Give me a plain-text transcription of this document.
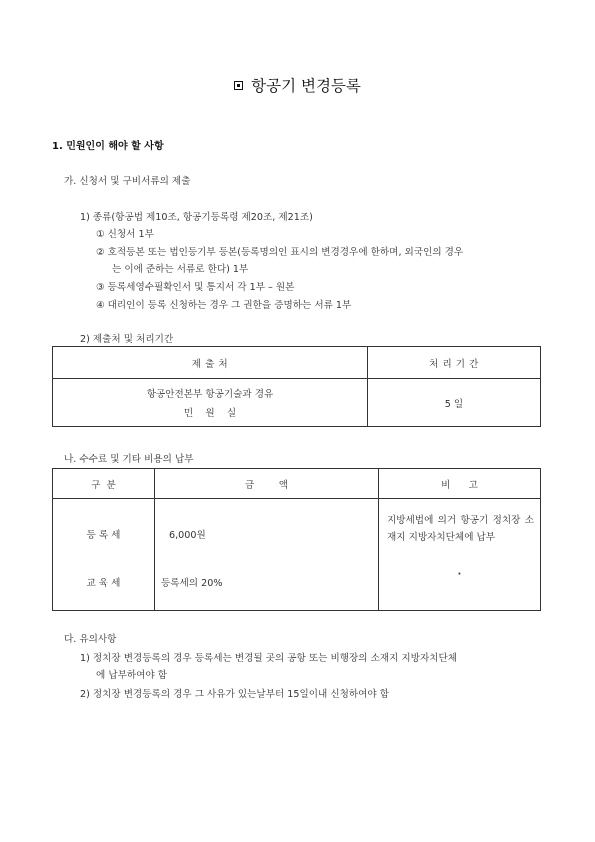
항공기 변경등록
1. 민원인이 해야 할 사항
가. 신청서 및 구비서류의 제출
1) 종류(항공법 제10조, 항공기등록령 제20조, 제21조)
① 신청서 1부
② 호적등본 또는 법인등기부 등본(등록명의인 표시의 변경경우에 한하며, 외국인의 경우
는 이에 준하는 서류로 한다) 1부
③ 등록세영수필확인서 및 통지서 각 1부 – 원본
④ 대리인이 등록 신청하는 경우 그 권한을 증명하는 서류 1부
2) 제출처 및 처리기간
제 출 처	처 리 기 간

항공안전본부 항공기술과 경유
민    원    실	5 일
나. 수수료 및 기타 비용의 납부
구  분	금        액	비      고
등 록 세	6,000원	지방세법에 의거 항공기 정치장 소재지 지방자치단체에 납부

교 육 세	등록세의 20%	·
다. 유의사항
1) 정치장 변경등록의 경우 등록세는 변경될 곳의 공항 또는 비행장의 소재지 지방자치단체
에 납부하여야 함
2) 정치장 변경등록의 경우 그 사유가 있는날부터 15일이내 신청하여야 함
